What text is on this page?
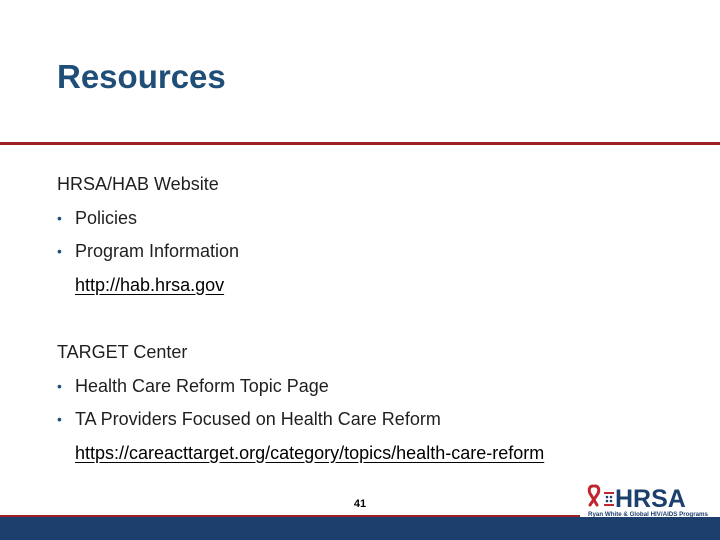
Resources
HRSA/HAB Website
• Policies
• Program Information
http://hab.hrsa.gov
TARGET Center
• Health Care Reform Topic Page
• TA Providers Focused on Health Care Reform
https://careacttarget.org/category/topics/health-care-reform
41	HRSA
Ryan White & Global HIV/AIDS Programs
